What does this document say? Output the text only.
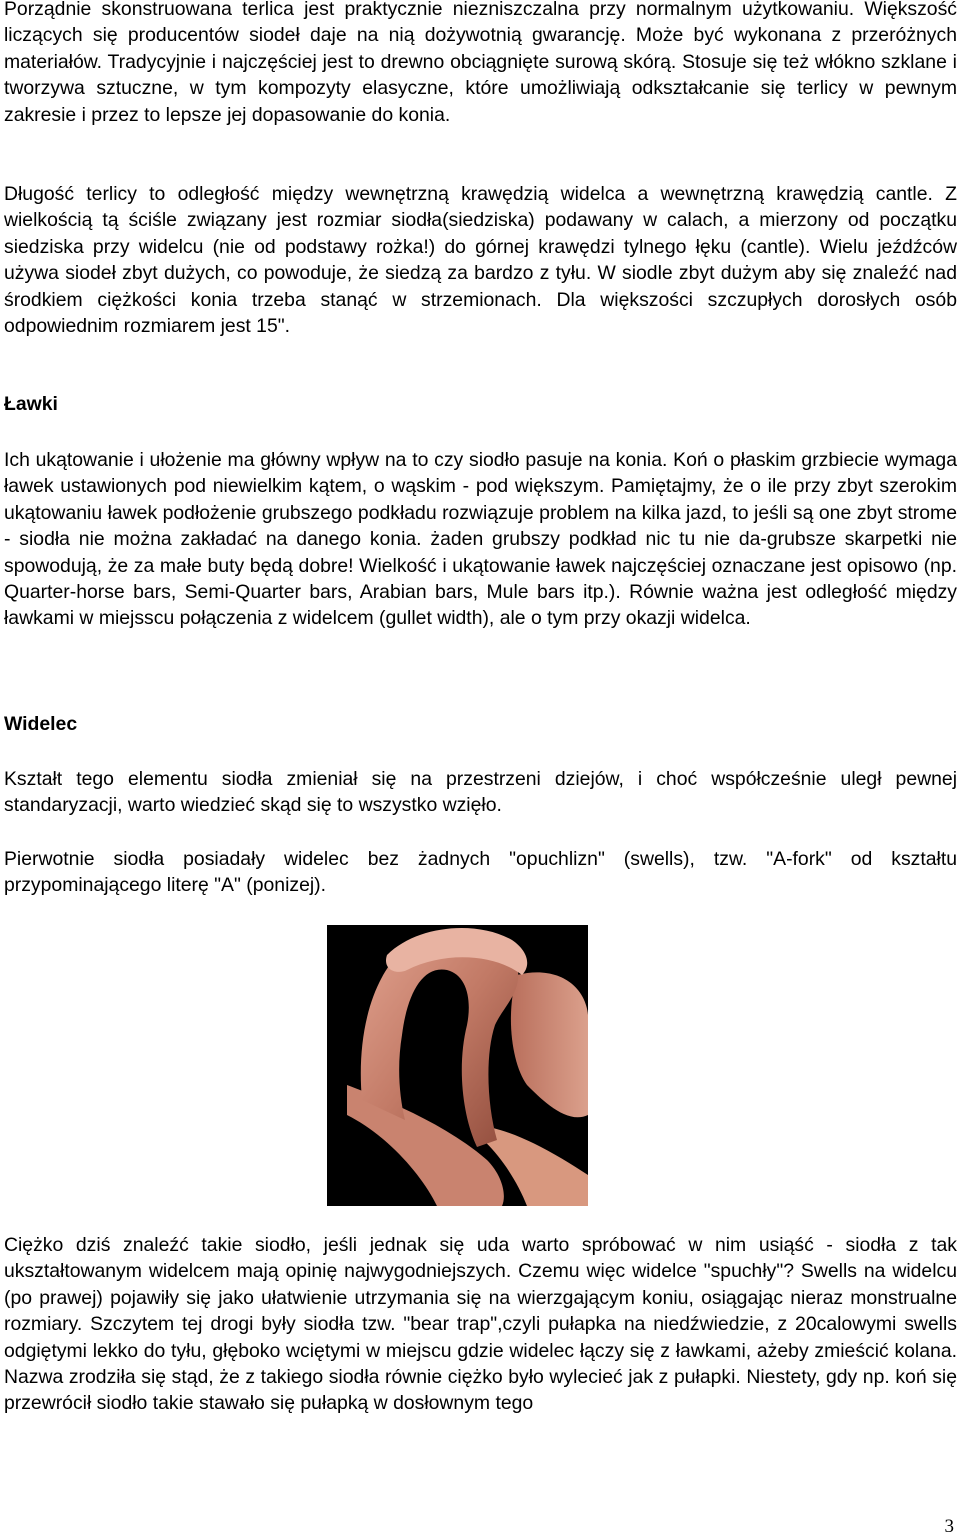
Porządnie skonstruowana terlica jest praktycznie niezniszczalna przy normalnym użytkowaniu. Większość liczących się producentów siodeł daje na nią dożywotnią gwarancję. Może być wykonana z przeróżnych materiałów. Tradycyjnie i najczęściej jest to drewno obciągnięte surową skórą. Stosuje się też włókno szklane i tworzywa sztuczne, w tym kompozyty elasyczne, które umożliwiają odkształcanie się terlicy w pewnym zakresie i przez to lepsze jej dopasowanie do konia.

Długość terlicy to odległość między wewnętrzną krawędzią widelca a wewnętrzną krawędzią cantle. Z wielkością tą ściśle związany jest rozmiar siodła(siedziska) podawany w calach, a mierzony od początku siedziska przy widelcu (nie od podstawy rożka!) do górnej krawędzi tylnego łęku (cantle). Wielu jeźdźców używa siodeł zbyt dużych, co powoduje, że siedzą za bardzo z tyłu. W siodle zbyt dużym aby się znaleźć nad środkiem ciężkości konia trzeba stanąć w strzemionach. Dla większości szczupłych dorosłych osób odpowiednim rozmiarem jest 15".

Ławki

Ich ukątowanie i ułożenie ma główny wpływ na to czy siodło pasuje na konia. Koń o płaskim grzbiecie wymaga ławek ustawionych pod niewielkim kątem, o wąskim - pod większym. Pamiętajmy, że o ile przy zbyt szerokim ukątowaniu ławek podłożenie grubszego podkładu rozwiązuje problem na kilka jazd, to jeśli są one zbyt strome - siodła nie można zakładać na danego konia. żaden grubszy podkład nic tu nie da-grubsze skarpetki nie spowodują, że za małe buty będą dobre! Wielkość i ukątowanie ławek najczęściej oznaczane jest opisowo (np. Quarter-horse bars, Semi-Quarter bars, Arabian bars, Mule bars itp.). Równie ważna jest odległość między ławkami w miejsscu połączenia z widelcem (gullet width), ale o tym przy okazji widelca.

Widelec

Kształt tego elementu siodła zmieniał się na przestrzeni dziejów, i choć współcześnie uległ pewnej standaryzacji, warto wiedzieć skąd się to wszystko wzięło.

Pierwotnie siodła posiadały widelec bez żadnych "opuchlizn" (swells), tzw. "A-fork" od kształtu przypominającego literę "A" (ponizej).

Ciężko dziś znaleźć takie siodło, jeśli jednak się uda warto spróbować w nim usiąść - siodła z tak ukształtowanym widelcem mają opinię najwygodniejszych. Czemu więc widelce "spuchły"? Swells na widelcu (po prawej) pojawiły się jako ułatwienie utrzymania się na wierzgającym koniu, osiągając nieraz monstrualne rozmiary. Szczytem tej drogi były siodła tzw. "bear trap",czyli pułapka na niedźwiedzie, z 20calowymi swells odgiętymi lekko do tyłu, głęboko wciętymi w miejscu gdzie widelec łączy się z ławkami, ażeby zmieścić kolana. Nazwa zrodziła się stąd, że z takiego siodła równie ciężko było wylecieć jak z pułapki. Niestety, gdy np. koń się przewrócił siodło takie stawało się pułapką w dosłownym tego

3
